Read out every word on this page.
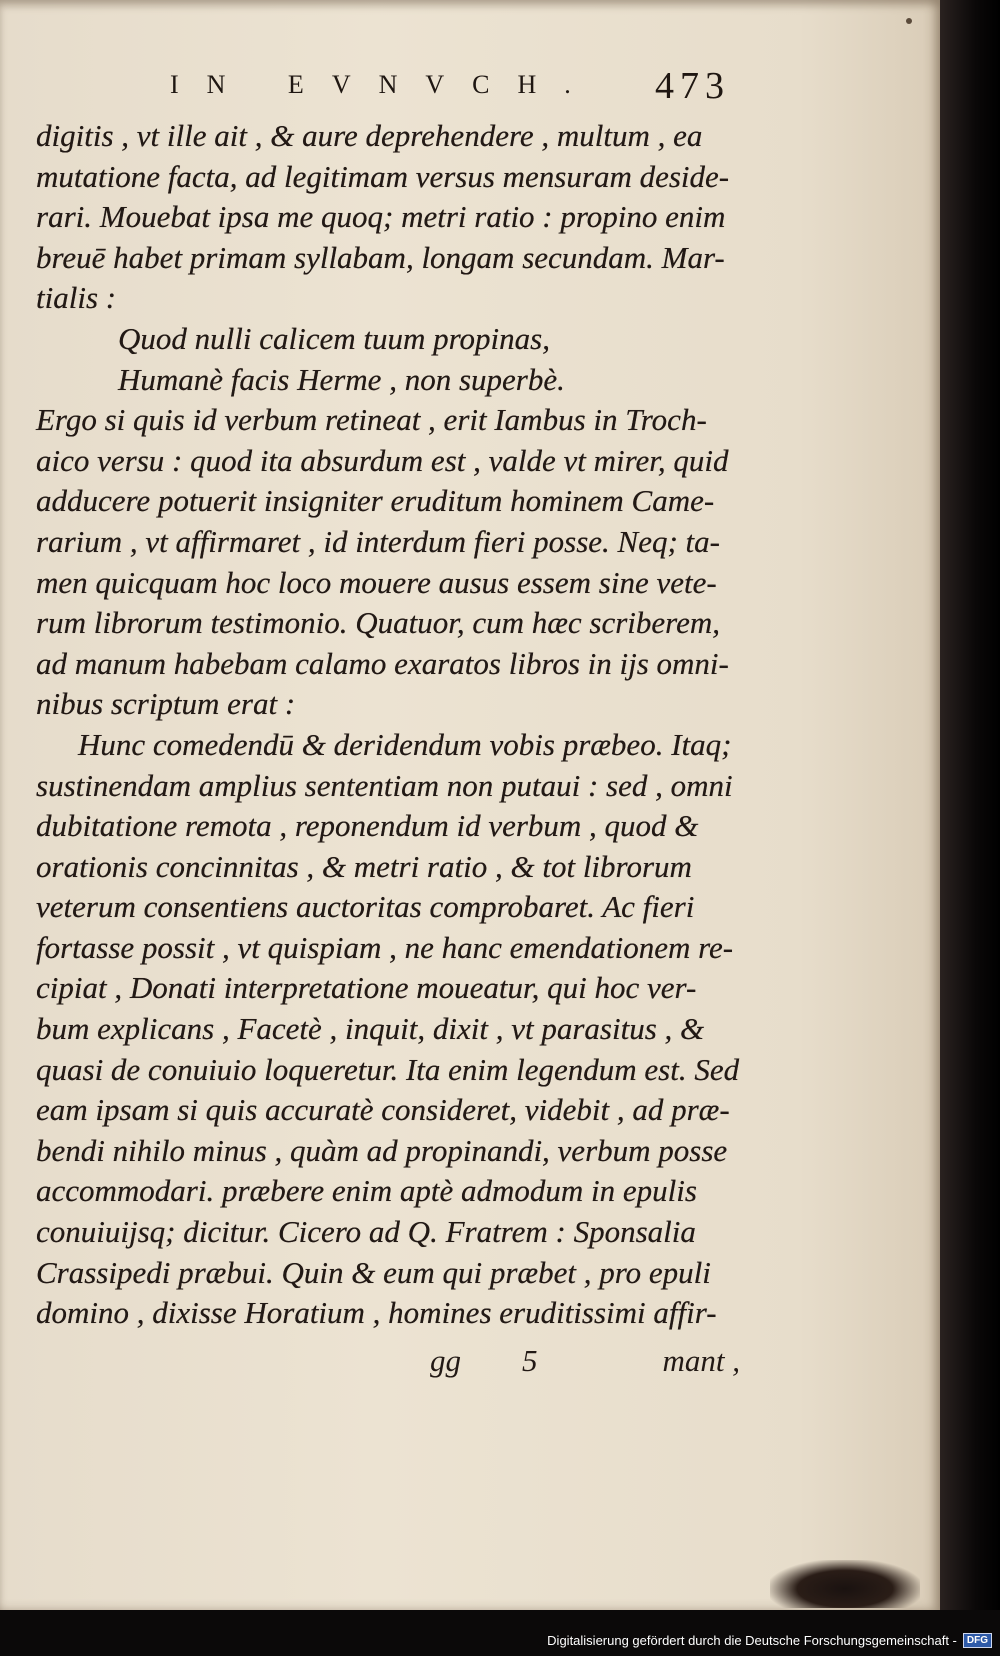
IN EVNVCH. 473
digitis , vt ille ait , & aure deprehendere , multum , ea
mutatione facta, ad legitimam versus mensuram deside-
rari. Mouebat ipsa me quoq; metri ratio : propino enim
breuē habet primam syllabam, longam secundam. Mar-
tialis :
Quod nulli calicem tuum propinas,
Humanè facis Herme , non superbè.
Ergo si quis id verbum retineat , erit Iambus in Troch-
aico versu : quod ita absurdum est , valde vt mirer, quid
adducere potuerit insigniter eruditum hominem Came-
rarium , vt affirmaret , id interdum fieri posse. Neq; ta-
men quicquam hoc loco mouere ausus essem sine vete-
rum librorum testimonio. Quatuor, cum hæc scriberem,
ad manum habebam calamo exaratos libros in ijs omni-
nibus scriptum erat :
Hunc comedendū & deridendum vobis præbeo. Itaq;
sustinendam amplius sententiam non putaui : sed , omni
dubitatione remota , reponendum id verbum , quod &
orationis concinnitas , & metri ratio , & tot librorum
veterum consentiens auctoritas comprobaret. Ac fieri
fortasse possit , vt quispiam , ne hanc emendationem re-
cipiat , Donati interpretatione moueatur, qui hoc ver-
bum explicans , Facetè , inquit, dixit , vt parasitus , &
quasi de conuiuio loqueretur. Ita enim legendum est. Sed
eam ipsam si quis accuratè consideret, videbit , ad præ-
bendi nihilo minus , quàm ad propinandi, verbum posse
accommodari. præbere enim aptè admodum in epulis
conuiuijsq; dicitur. Cicero ad Q. Fratrem : Sponsalia
Crassipedi præbui. Quin & eum qui præbet , pro epuli
domino , dixisse Horatium , homines eruditissimi affir-
gg 5	mant ,
Digitalisierung gefördert durch die Deutsche Forschungsgemeinschaft -	DFG
